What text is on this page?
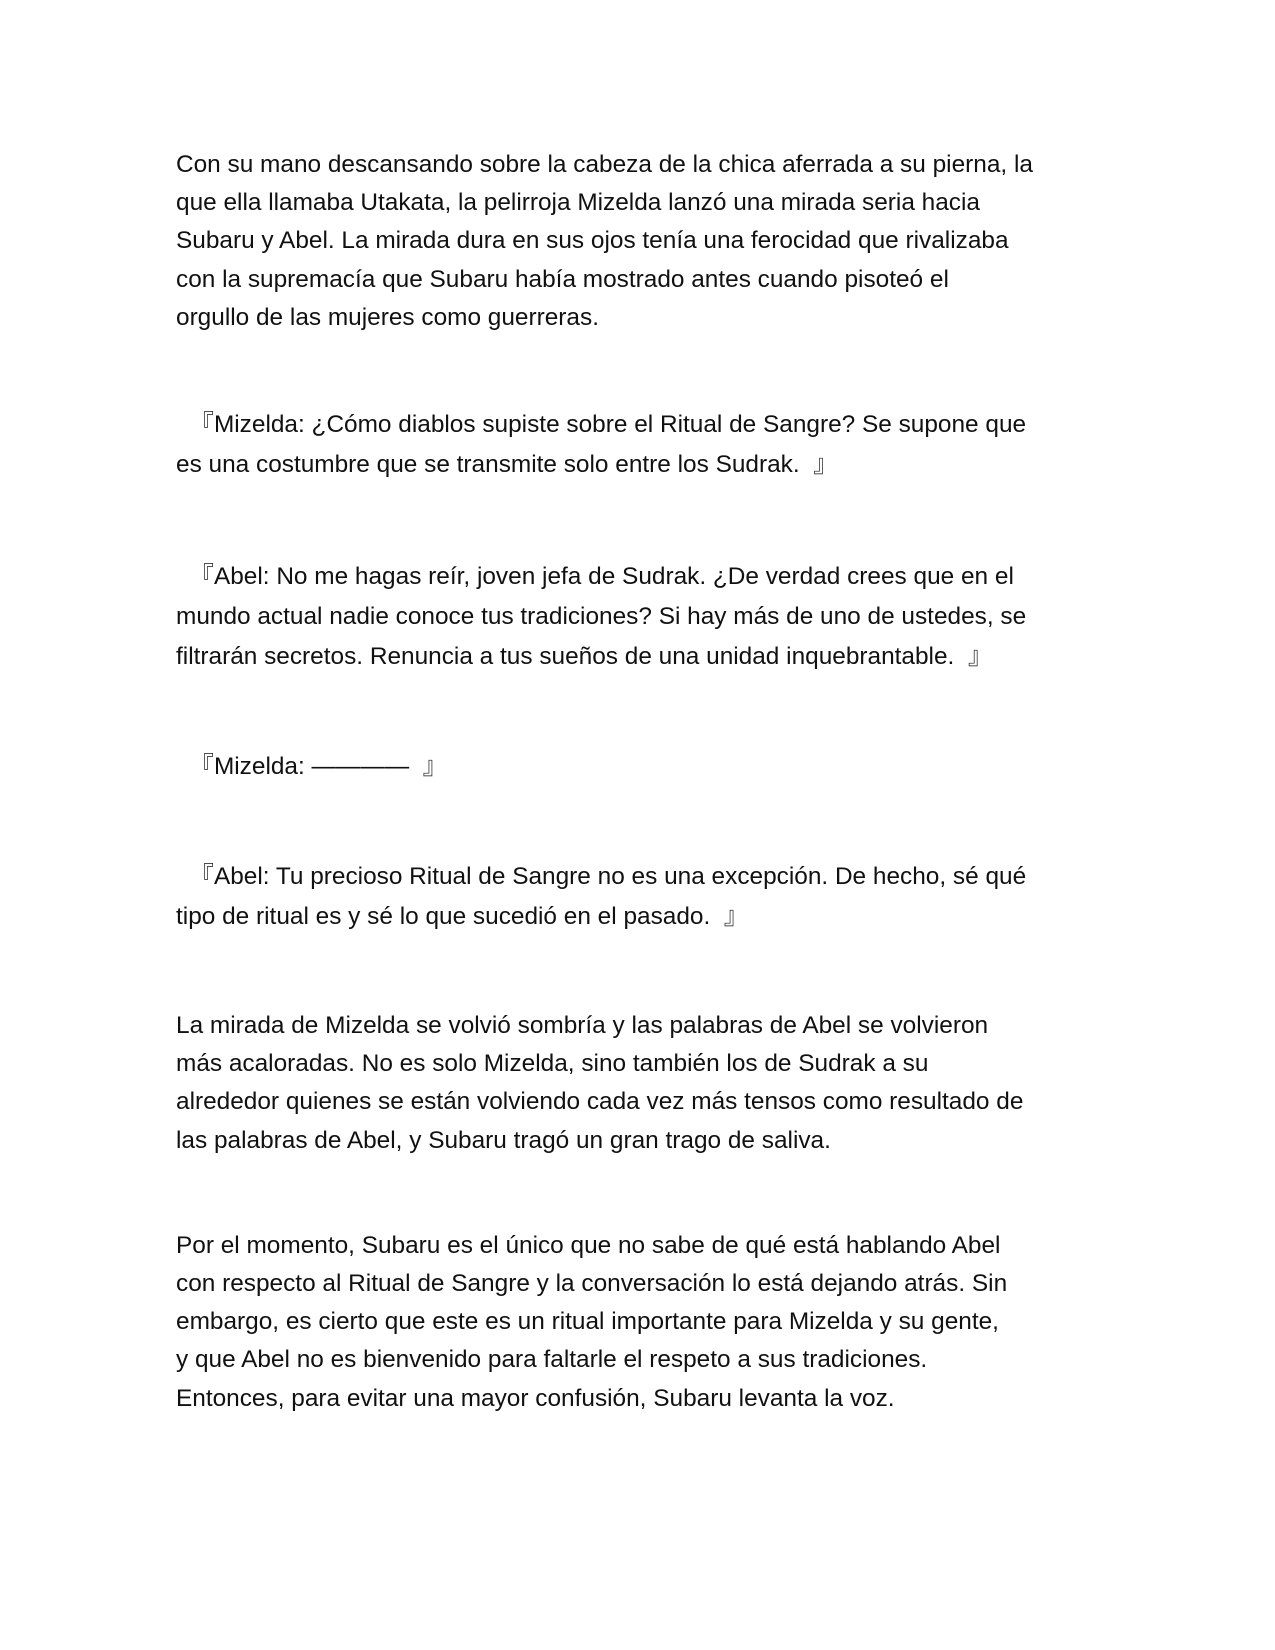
Con su mano descansando sobre la cabeza de la chica aferrada a su pierna, la
que ella llamaba Utakata, la pelirroja Mizelda lanzó una mirada seria hacia
Subaru y Abel. La mirada dura en sus ojos tenía una ferocidad que rivalizaba
con la supremacía que Subaru había mostrado antes cuando pisoteó el
orgullo de las mujeres como guerreras.

『Mizelda: ¿Cómo diablos supiste sobre el Ritual de Sangre? Se supone que
es una costumbre que se transmite solo entre los Sudrak.  』

『Abel: No me hagas reír, joven jefa de Sudrak. ¿De verdad crees que en el
mundo actual nadie conoce tus tradiciones? Si hay más de uno de ustedes, se
filtrarán secretos. Renuncia a tus sueños de una unidad inquebrantable.  』

『Mizelda: ————  』

『Abel: Tu precioso Ritual de Sangre no es una excepción. De hecho, sé qué
tipo de ritual es y sé lo que sucedió en el pasado.  』

La mirada de Mizelda se volvió sombría y las palabras de Abel se volvieron
más acaloradas. No es solo Mizelda, sino también los de Sudrak a su
alrededor quienes se están volviendo cada vez más tensos como resultado de
las palabras de Abel, y Subaru tragó un gran trago de saliva.

Por el momento, Subaru es el único que no sabe de qué está hablando Abel
con respecto al Ritual de Sangre y la conversación lo está dejando atrás. Sin
embargo, es cierto que este es un ritual importante para Mizelda y su gente,
y que Abel no es bienvenido para faltarle el respeto a sus tradiciones.
Entonces, para evitar una mayor confusión, Subaru levanta la voz.
